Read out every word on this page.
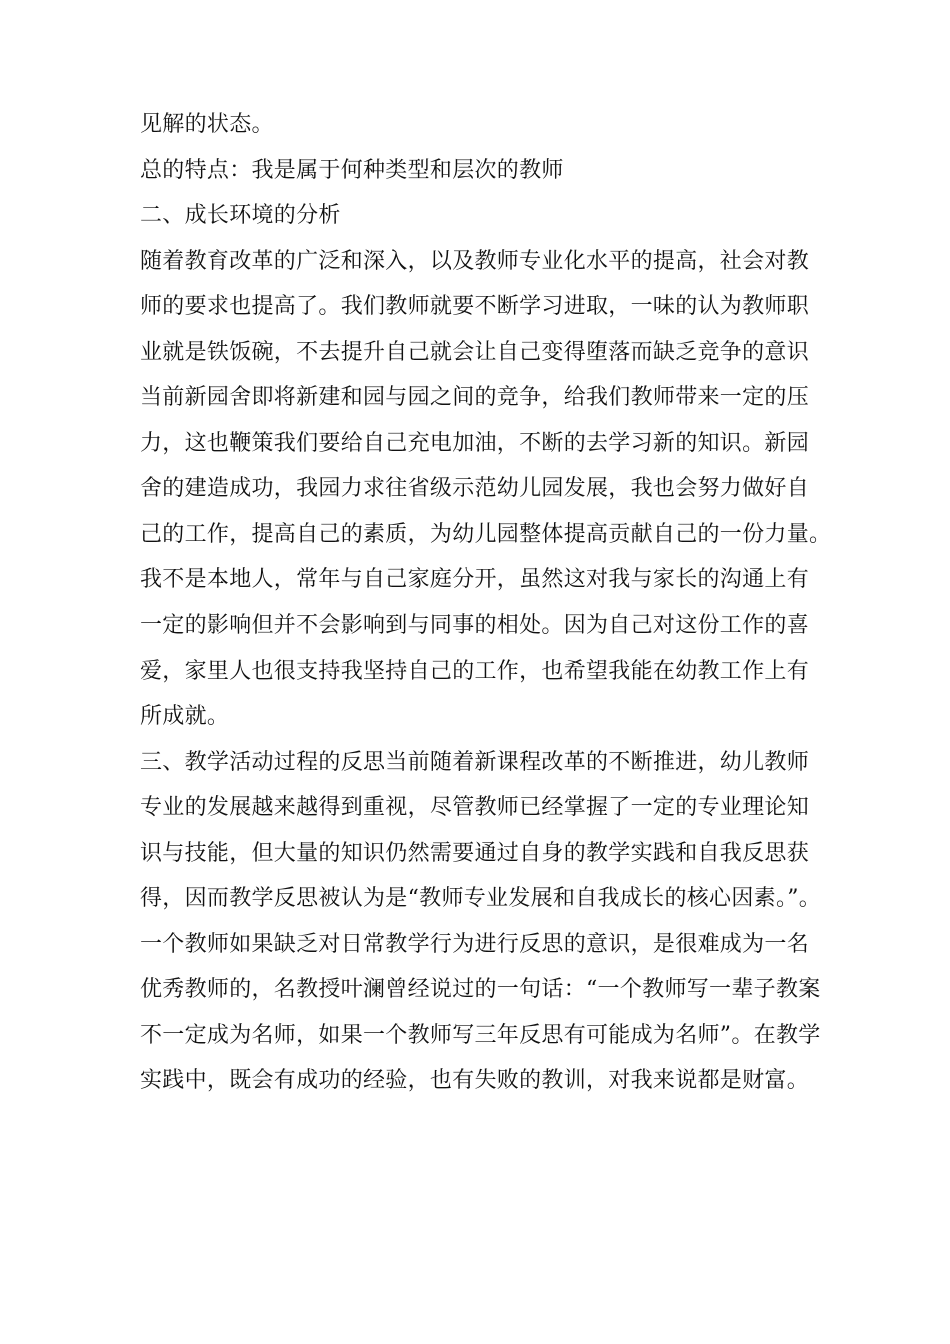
见解的状态。
总的特点：我是属于何种类型和层次的教师
二、成长环境的分析
随着教育改革的广泛和深入，以及教师专业化水平的提高，社会对教
师的要求也提高了。我们教师就要不断学习进取，一味的认为教师职
业就是铁饭碗，不去提升自己就会让自己变得堕落而缺乏竞争的意识
当前新园舍即将新建和园与园之间的竞争，给我们教师带来一定的压
力，这也鞭策我们要给自己充电加油，不断的去学习新的知识。新园
舍的建造成功，我园力求往省级示范幼儿园发展，我也会努力做好自
己的工作，提高自己的素质，为幼儿园整体提高贡献自己的一份力量。
我不是本地人，常年与自己家庭分开，虽然这对我与家长的沟通上有
一定的影响但并不会影响到与同事的相处。因为自己对这份工作的喜
爱，家里人也很支持我坚持自己的工作，也希望我能在幼教工作上有
所成就。
三、教学活动过程的反思当前随着新课程改革的不断推进，幼儿教师
专业的发展越来越得到重视，尽管教师已经掌握了一定的专业理论知
识与技能，但大量的知识仍然需要通过自身的教学实践和自我反思获
得，因而教学反思被认为是“教师专业发展和自我成长的核心因素。”。
一个教师如果缺乏对日常教学行为进行反思的意识，是很难成为一名
优秀教师的，名教授叶澜曾经说过的一句话：“一个教师写一辈子教案
不一定成为名师，如果一个教师写三年反思有可能成为名师”。在教学
实践中，既会有成功的经验，也有失败的教训，对我来说都是财富。
